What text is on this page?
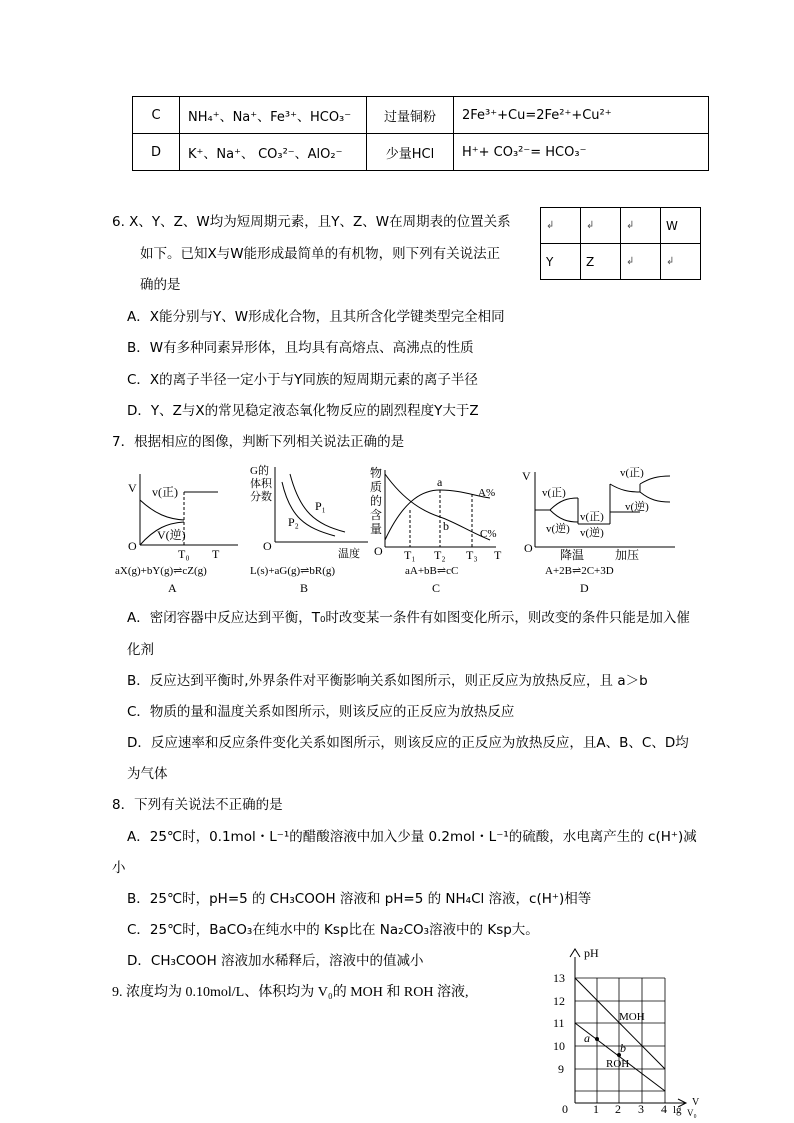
C	NH₄⁺、Na⁺、Fe³⁺、HCO₃⁻	过量铜粉	2Fe³⁺+Cu=2Fe²⁺+Cu²⁺
D	K⁺、Na⁺、 CO₃²⁻、AlO₂⁻	少量HCl	H⁺+ CO₃²⁻= HCO₃⁻
6. X、Y、Z、W均为短周期元素，且Y、Z、W在周期表的位置关系
如下。已知X与W能形成最简单的有机物，则下列有关说法正
确的是
A．X能分别与Y、W形成化合物，且其所含化学键类型完全相同
B．W有多种同素异形体，且均具有高熔点、高沸点的性质
C．X的离子半径一定小于与Y同族的短周期元素的离子半径
D．Y、Z与X的常见稳定液态氧化物反应的剧烈程度Y大于Z
↲	↲	↲	W
Y	Z	↲	↲
7．根据相应的图像，判断下列相关说法正确的是
V v(正)
V(逆)
O
T₀ T
aX(g)+bY(g)⇌cZ(g)
A
G的
体积
分数
P₁
P₂
O
温度
L(s)+aG(g)⇌bR(g)
B
物
质
的
含
量
a
b
A%
C%
O T₁ T₂ T₃ T
aA+bB⇌cC
C
V
v(正)
v(逆)
v(正)
v(逆)
v(正)
v(逆)
O 降温	加压
A+2B⇌2C+3D
D
A．密闭容器中反应达到平衡，T₀时改变某一条件有如图变化所示，则改变的条件只能是加入催
化剂
B．反应达到平衡时,外界条件对平衡影响关系如图所示，则正反应为放热反应，且 a＞b
C．物质的量和温度关系如图所示，则该反应的正反应为放热反应
D．反应速率和反应条件变化关系如图所示，则该反应的正反应为放热反应，且A、B、C、D均
为气体
8．下列有关说法不正确的是
A．25℃时，0.1mol・L⁻¹的醋酸溶液中加入少量 0.2mol・L⁻¹的硫酸，水电离产生的 c(H⁺)减
小
B．25℃时，pH=5 的 CH₃COOH 溶液和 pH=5 的 NH₄Cl 溶液，c(H⁺)相等
C．25℃时，BaCO₃在纯水中的 Ksp比在 Na₂CO₃溶液中的 Ksp大。
D．CH₃COOH 溶液加水稀释后，溶液中的值减小
9. 浓度均为 0.10mol/L、体积均为 V₀的 MOH 和 ROH 溶液,
pH
13
12
11
10
9
0 1 2 3 4 lg
V
V₀
MOH
ROH
a
b
